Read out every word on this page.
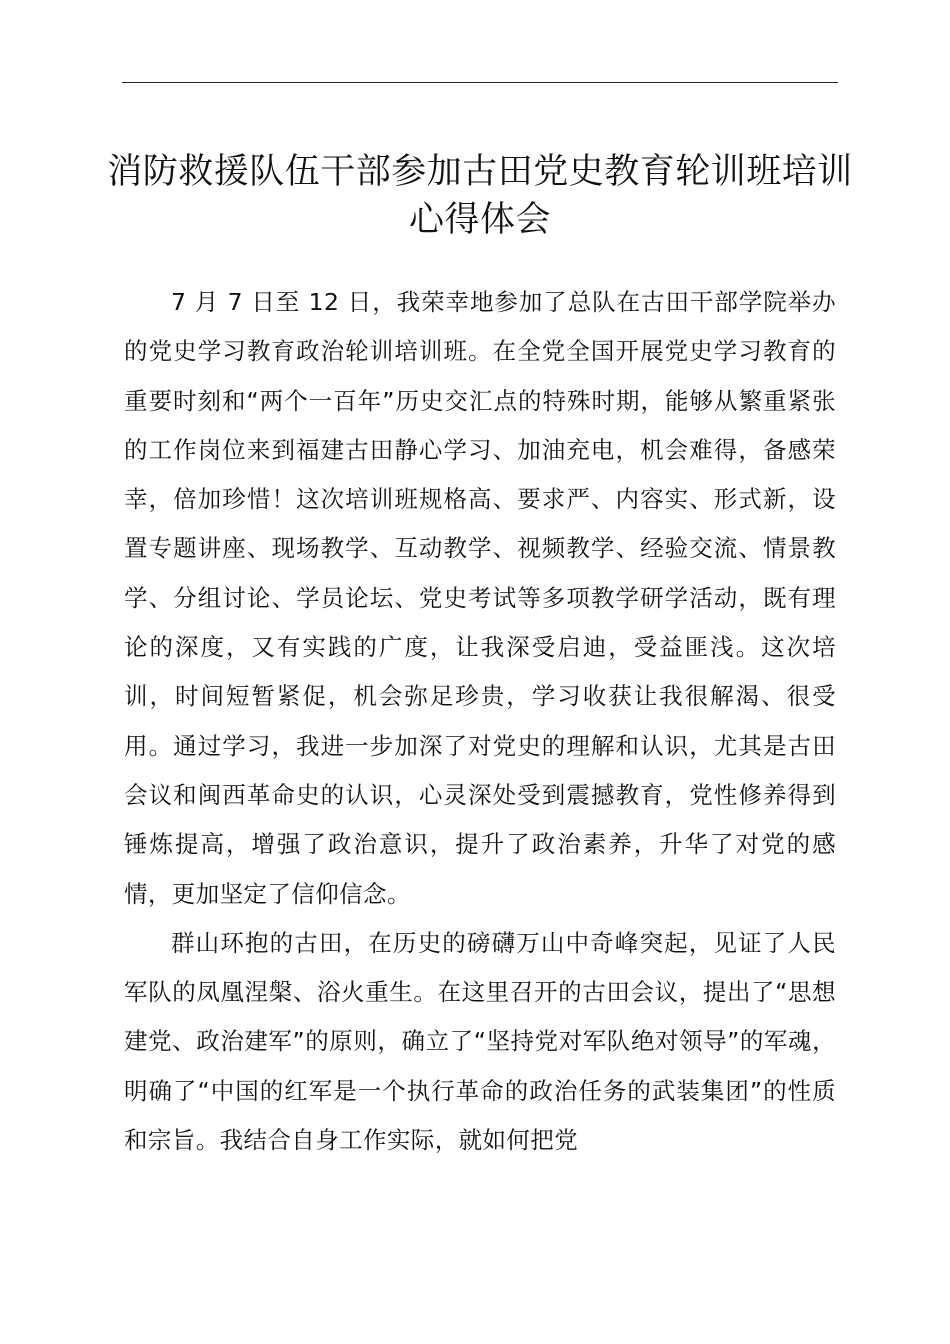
消防救援队伍干部参加古田党史教育轮训班培训心得体会

7 月 7 日至 12 日，我荣幸地参加了总队在古田干部学院举办的党史学习教育政治轮训培训班。在全党全国开展党史学习教育的重要时刻和“两个一百年”历史交汇点的特殊时期，能够从繁重紧张的工作岗位来到福建古田静心学习、加油充电，机会难得，备感荣幸，倍加珍惜！这次培训班规格高、要求严、内容实、形式新，设置专题讲座、现场教学、互动教学、视频教学、经验交流、情景教学、分组讨论、学员论坛、党史考试等多项教学研学活动，既有理论的深度，又有实践的广度，让我深受启迪，受益匪浅。这次培训，时间短暂紧促，机会弥足珍贵，学习收获让我很解渴、很受用。通过学习，我进一步加深了对党史的理解和认识，尤其是古田会议和闽西革命史的认识，心灵深处受到震撼教育，党性修养得到锤炼提高，增强了政治意识，提升了政治素养，升华了对党的感情，更加坚定了信仰信念。

群山环抱的古田，在历史的磅礴万山中奇峰突起，见证了人民军队的凤凰涅槃、浴火重生。在这里召开的古田会议，提出了“思想建党、政治建军”的原则，确立了“坚持党对军队绝对领导”的军魂，明确了“中国的红军是一个执行革命的政治任务的武装集团”的性质和宗旨。我结合自身工作实际，就如何把党
